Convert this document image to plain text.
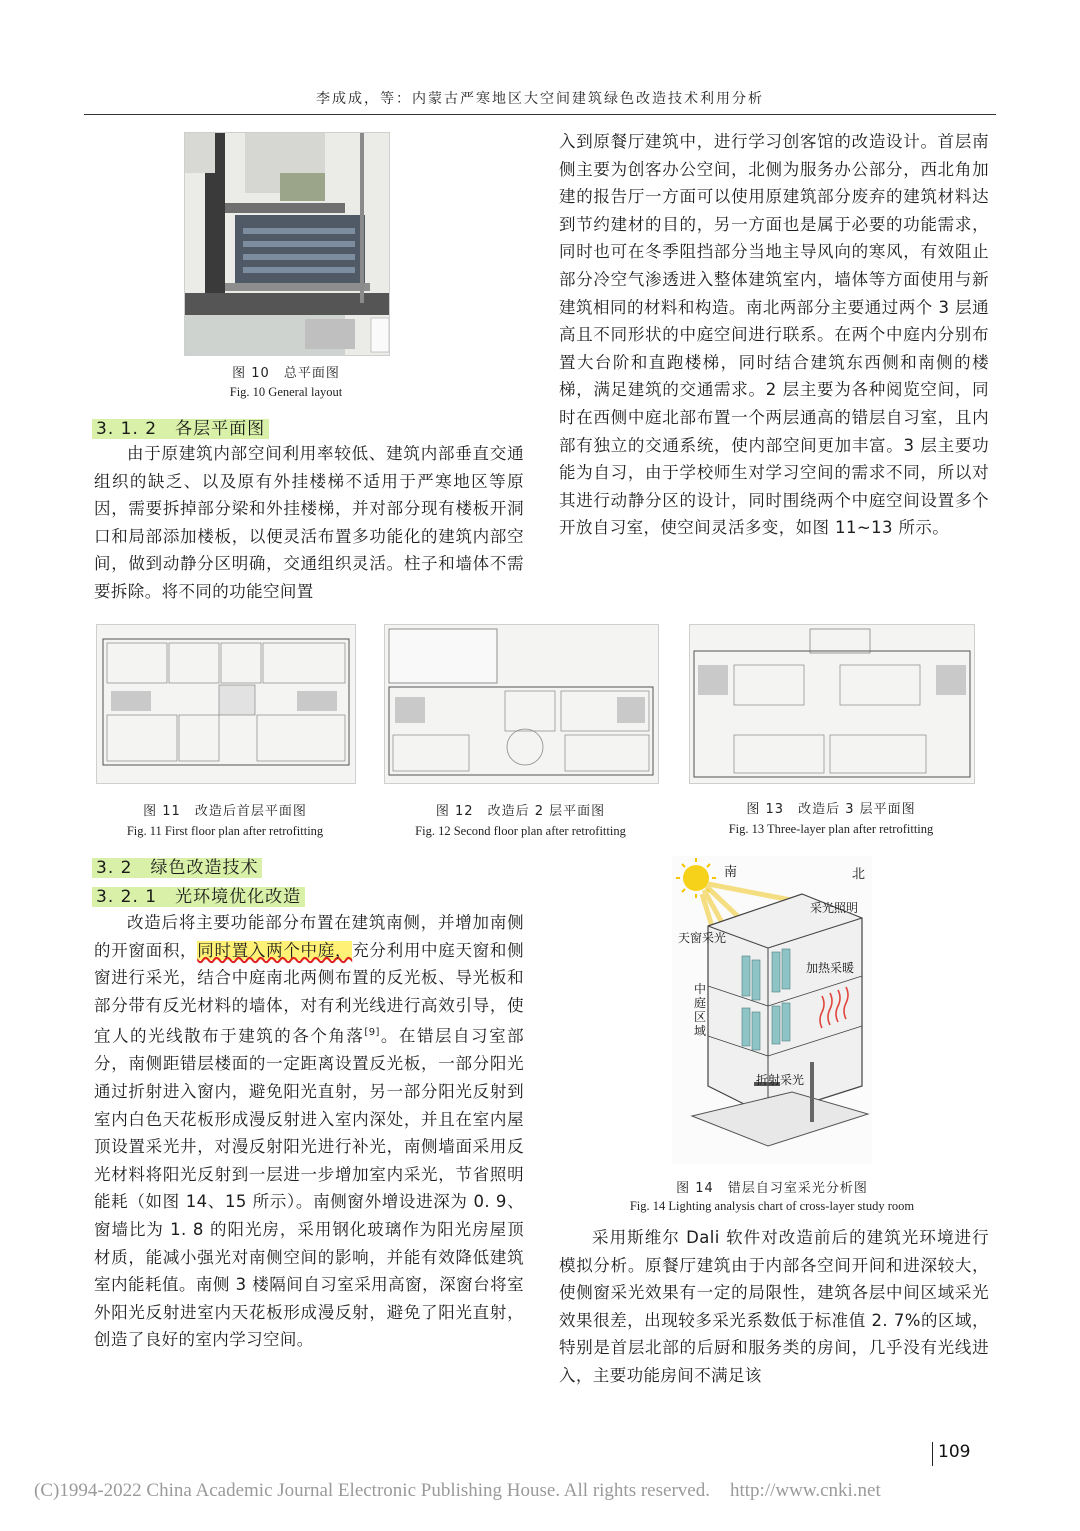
李成成，等：内蒙古严寒地区大空间建筑绿色改造技术利用分析
图 10　总平面图
Fig. 10 General layout

入到原餐厅建筑中，进行学习创客馆的改造设计。首层南侧主要为创客办公空间，北侧为服务办公部分，西北角加建的报告厅一方面可以使用原建筑部分废弃的建筑材料达到节约建材的目的，另一方面也是属于必要的功能需求，同时也可在冬季阻挡部分当地主导风向的寒风，有效阻止部分冷空气渗透进入整体建筑室内，墙体等方面使用与新建筑相同的材料和构造。南北两部分主要通过两个 3 层通高且不同形状的中庭空间进行联系。在两个中庭内分别布置大台阶和直跑楼梯，同时结合建筑东西侧和南侧的楼梯，满足建筑的交通需求。2 层主要为各种阅览空间，同时在西侧中庭北部布置一个两层通高的错层自习室，且内部有独立的交通系统，使内部空间更加丰富。3 层主要功能为自习，由于学校师生对学习空间的需求不同，所以对其进行动静分区的设计，同时围绕两个中庭空间设置多个开放自习室，使空间灵活多变，如图 11~13 所示。

3. 1. 2　各层平面图

由于原建筑内部空间利用率较低、建筑内部垂直交通组织的缺乏、以及原有外挂楼梯不适用于严寒地区等原因，需要拆掉部分梁和外挂楼梯，并对部分现有楼板开洞口和局部添加楼板，以便灵活布置多功能化的建筑内部空间，做到动静分区明确，交通组织灵活。柱子和墙体不需要拆除。将不同的功能空间置

图 11　改造后首层平面图
Fig. 11 First floor plan after retrofitting
图 12　改造后 2 层平面图
Fig. 12 Second floor plan after retrofitting
图 13　改造后 3 层平面图
Fig. 13 Three-layer plan after retrofitting
3. 2　绿色改造技术
3. 2. 1　光环境优化改造

改造后将主要功能部分布置在建筑南侧，并增加南侧的开窗面积，同时置入两个中庭，充分利用中庭天窗和侧窗进行采光，结合中庭南北两侧布置的反光板、导光板和部分带有反光材料的墙体，对有利光线进行高效引导，使宜人的光线散布于建筑的各个角落[9]。在错层自习室部分，南侧距错层楼面的一定距离设置反光板，一部分阳光通过折射进入窗内，避免阳光直射，另一部分阳光反射到室内白色天花板形成漫反射进入室内深处，并且在室内屋顶设置采光井，对漫反射阳光进行补光，南侧墙面采用反光材料将阳光反射到一层进一步增加室内采光，节省照明能耗（如图 14、15 所示）。南侧窗外增设进深为 0. 9、窗墙比为 1. 8 的阳光房，采用钢化玻璃作为阳光房屋顶材质，能减小强光对南侧空间的影响，并能有效降低建筑室内能耗值。南侧 3 楼隔间自习室采用高窗，深窗台将室外阳光反射进室内天花板形成漫反射，避免了阳光直射，创造了良好的室内学习空间。

南	北
采光照明
天窗采光
加热采暖
折射采光
中庭区域
图 14　错层自习室采光分析图
Fig. 14 Lighting analysis chart of cross-layer study room

采用斯维尔 Dali 软件对改造前后的建筑光环境进行模拟分析。原餐厅建筑由于内部各空间开间和进深较大，使侧窗采光效果有一定的局限性，建筑各层中间区域采光效果很差，出现较多采光系数低于标准值 2. 7%的区域，特别是首层北部的后厨和服务类的房间，几乎没有光线进入，主要功能房间不满足该

109
(C)1994-2022 China Academic Journal Electronic Publishing House. All rights reserved. http://www.cnki.net
